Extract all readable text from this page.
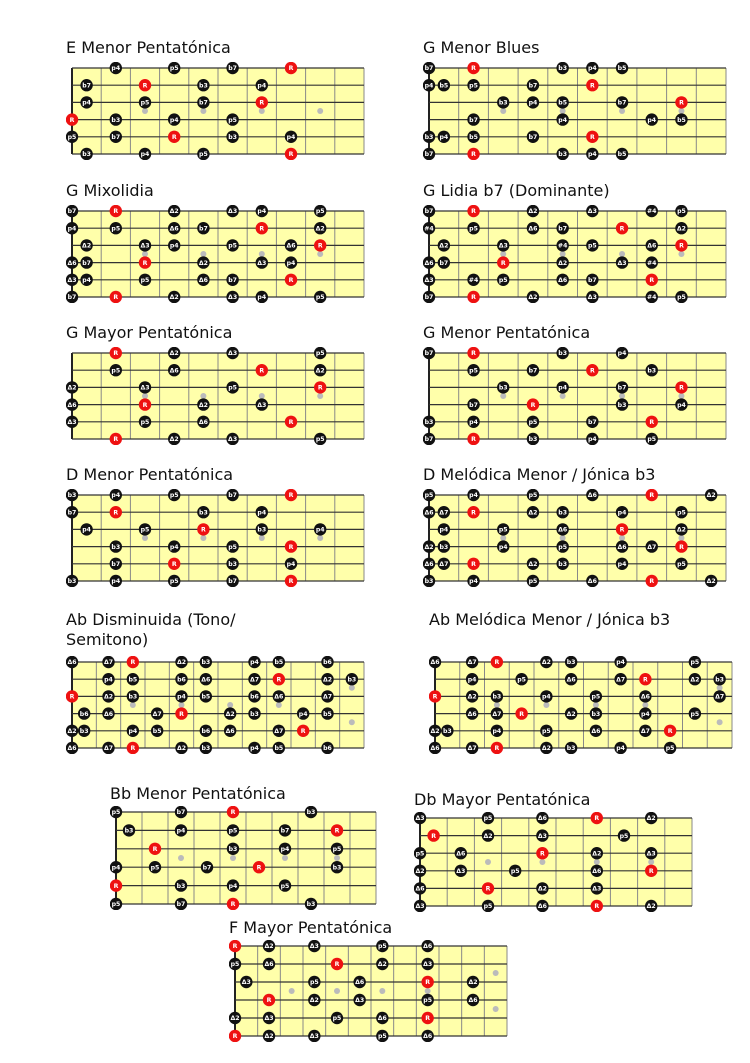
E Menor Pentatónica
p4	p5	b7	R
b7	R	b3	p4
p4	p5	b7	R
R	b3	p4	p5
p5	b7	R	b3	p4
b3	p4	p5	R
G Menor Blues
b7	R	b3	p4	b5
p4 b5	p5	b7	R
b3	p4	b5	b7	R
b7	p4	p4	b5
b3 p4	b5	b7	R
b7	R	b3	p4	b5
G Mixolidia
b7	R	Δ2	Δ3	p4	p5
p4	p5	Δ6	b7	R	Δ2
Δ2	Δ3	p4	p5	Δ6	R
Δ6 b7	R	Δ2	Δ3	p4
Δ3 p4	p5	Δ6	b7	R
b7	R	Δ2	Δ3	p4	p5
G Lidia b7 (Dominante)
b7	R	Δ2	Δ3	#4	p5
#4	p5	Δ6	b7	R	Δ2
Δ2	Δ3	#4	p5	Δ6	R
Δ6 b7	R	Δ2	Δ3	#4
Δ3	#4	p5	Δ6	b7	R
b7	R	Δ2	Δ3	#4	p5
G Mayor Pentatónica
R	Δ2	Δ3	p5
p5	Δ6	R	Δ2
Δ2	Δ3	p5	R
Δ6	R	Δ2	Δ3
Δ3	p5	Δ6	R
R	Δ2	Δ3	p5
G Menor Pentatónica
b7	R	b3	p4
p5	b7	R	b3
b3	p4	b7	R
b7	R	b3	p4
b3	p4	p5	b7	R
b7	R	b3	p4	p5
D Menor Pentatónica
b3	p4	p5	b7	R
b7	R	b3	p4
p4	p5	R	b3	p4
b3	p4	p5	R
b7	R	b3	p4
b3	p4	p5	b7	R
D Melódica Menor / Jónica b3
p5	p4	p5	Δ6	R	Δ2
Δ6 Δ7	R	Δ2	b3	p4	p5
p4	p5	Δ6	R	Δ2
Δ2 b3	p4	p5	Δ6	Δ7	R
Δ6 Δ7	R	Δ2	b3	p4	p5
b3	p4	p5	Δ6	R	Δ2
Ab Disminuida (Tono/ Semitono)
Δ6	Δ7	R	Δ2 b3	p4	b5	b6
p4	b5	b6 Δ6	Δ7	R	Δ2 b3
R	Δ2 b3	p4	b5	b6 Δ6	Δ7
b6 Δ6	Δ7	R	Δ2 b3	p4	b5
Δ2 b3	p4	b5	b6 Δ6	Δ7	R
Δ6	Δ7	R	Δ2 b3	p4	b5	b6
Ab Melódica Menor / Jónica b3
Δ6	Δ7	R	Δ2	b3	p4	p5
p4	p5	Δ6	Δ7	R	Δ2	b3
R	Δ2	b3	p4	p5	Δ6	Δ7
Δ6	Δ7	R	Δ2	b3	p4	p5
Δ2 b3	p4	p5	Δ6	Δ7	R
Δ6	Δ7	R	Δ2	b3	p4	p5
Bb Menor Pentatónica
p5	b7	R	b3
b3	p4	p5	b7	R
R	b3	p4	p5
p4	p5	b7	R	b3
R	b3	p4	p5
p5	b7	R	b3
Db Mayor Pentatónica
Δ3	p5	Δ6	R	Δ2
R	Δ2	Δ3	p5
p5	Δ6	R	Δ2	Δ3
Δ2	Δ3	p5	Δ6	R
Δ6	R	Δ2	Δ3
Δ3	p5	Δ6	R	Δ2
F Mayor Pentatónica
R	Δ2	Δ3	p5	Δ6
p5	Δ6	R	Δ2	Δ3
Δ3	p5	Δ6	R	Δ2
R	Δ2	Δ3	p5	Δ6
Δ2	Δ3	p5	Δ6	R
R	Δ2	Δ3	p5	Δ6
